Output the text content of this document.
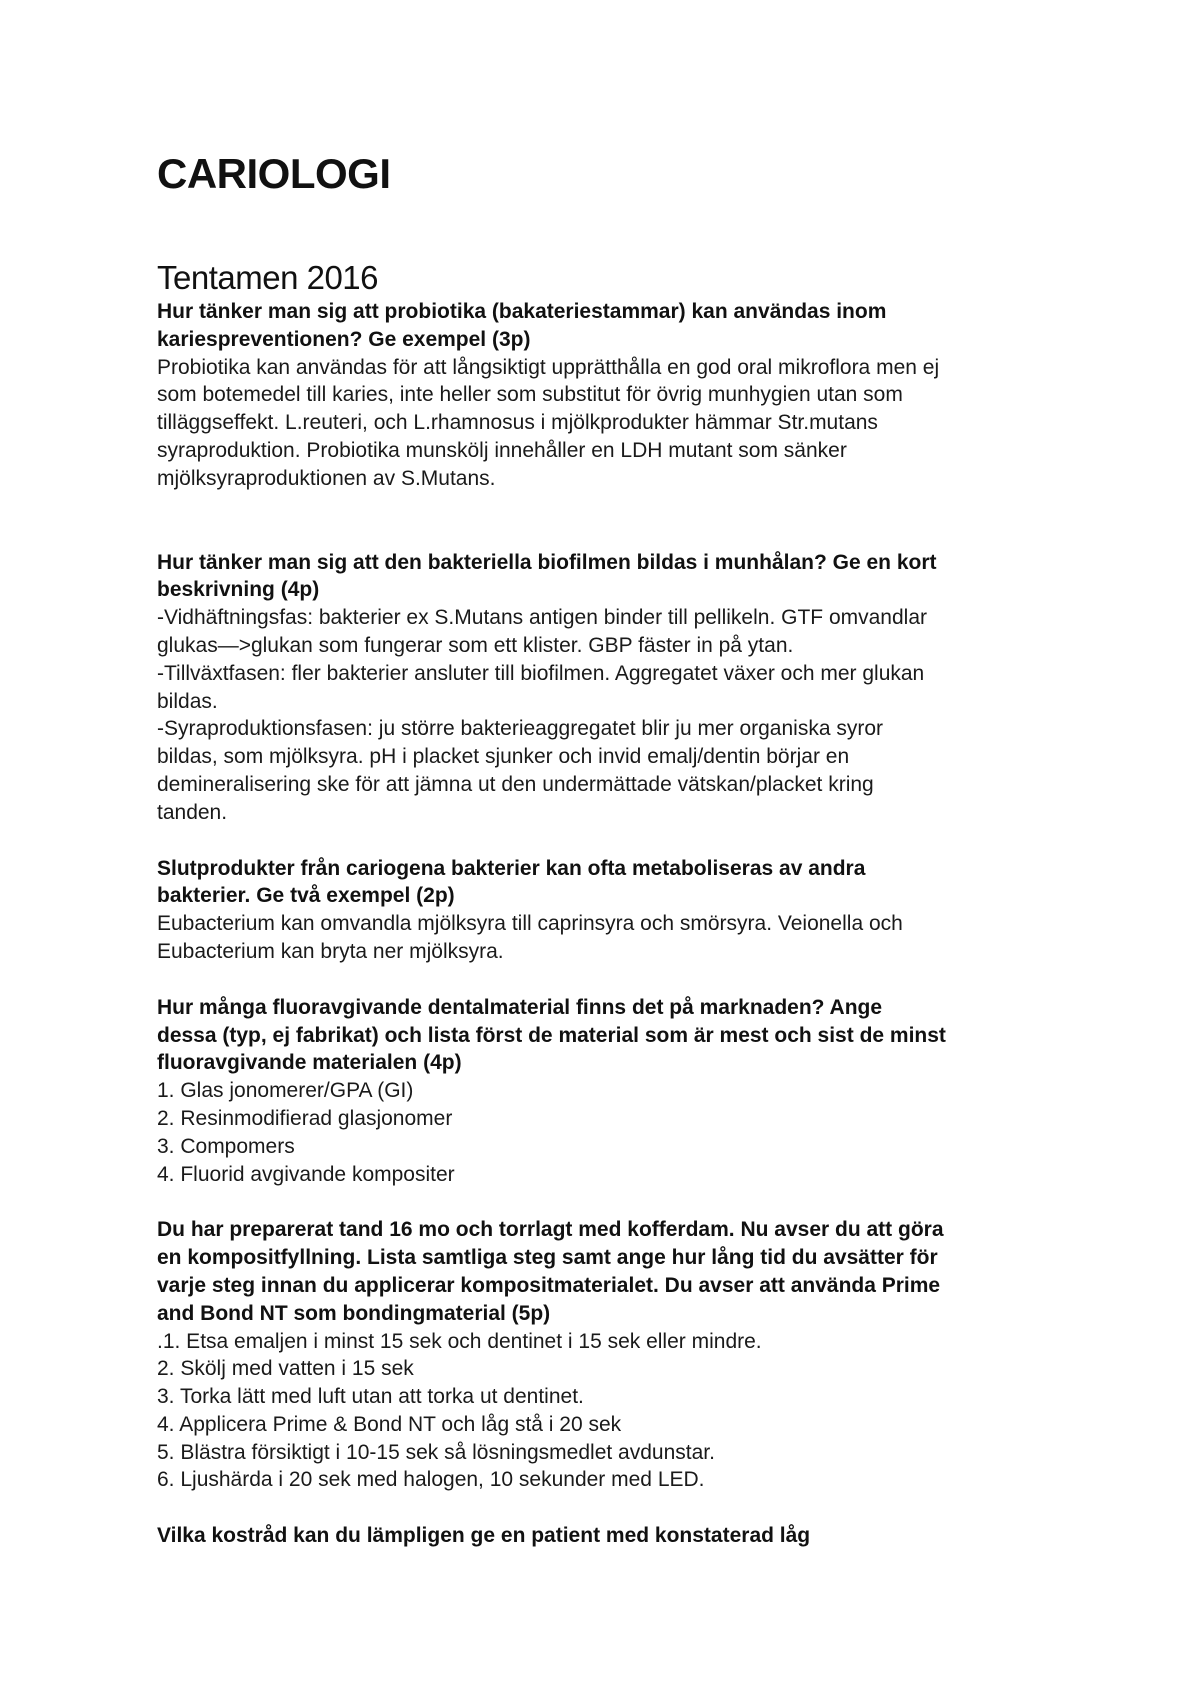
CARIOLOGI
Tentamen 2016

Hur tänker man sig att probiotika (bakateriestammar) kan användas inom
kariespreventionen? Ge exempel (3p)

Probiotika kan användas för att långsiktigt upprätthålla en god oral mikroflora men ej
som botemedel till karies, inte heller som substitut för övrig munhygien utan som
tilläggseffekt. L.reuteri, och L.rhamnosus i mjölkprodukter hämmar Str.mutans
syraproduktion. Probiotika munskölj innehåller en LDH mutant som sänker
mjölksyraproduktionen av S.Mutans.

Hur tänker man sig att den bakteriella biofilmen bildas i munhålan? Ge en kort
beskrivning (4p)

-Vidhäftningsfas: bakterier ex S.Mutans antigen binder till pellikeln. GTF omvandlar
glukas—>glukan som fungerar som ett klister. GBP fäster in på ytan.
-Tillväxtfasen: fler bakterier ansluter till biofilmen. Aggregatet växer och mer glukan
bildas.
-Syraproduktionsfasen: ju större bakterieaggregatet blir ju mer organiska syror
bildas, som mjölksyra. pH i placket sjunker och invid emalj/dentin börjar en
demineralisering ske för att jämna ut den undermättade vätskan/placket kring
tanden.

Slutprodukter från cariogena bakterier kan ofta metaboliseras av andra
bakterier. Ge två exempel (2p)

Eubacterium kan omvandla mjölksyra till caprinsyra och smörsyra. Veionella och
Eubacterium kan bryta ner mjölksyra.

Hur många fluoravgivande dentalmaterial finns det på marknaden? Ange
dessa (typ, ej fabrikat) och lista först de material som är mest och sist de minst
fluoravgivande materialen (4p)

1. Glas jonomerer/GPA (GI)
2. Resinmodifierad glasjonomer
3. Compomers
4. Fluorid avgivande kompositer

Du har preparerat tand 16 mo och torrlagt med kofferdam. Nu avser du att göra
en kompositfyllning. Lista samtliga steg samt ange hur lång tid du avsätter för
varje steg innan du applicerar kompositmaterialet. Du avser att använda Prime
and Bond NT som bondingmaterial (5p)

.1. Etsa emaljen i minst 15 sek och dentinet i 15 sek eller mindre.
2. Skölj med vatten i 15 sek
3. Torka lätt med luft utan att torka ut dentinet.
4. Applicera Prime & Bond NT och låg stå i 20 sek
5. Blästra försiktigt i 10-15 sek så lösningsmedlet avdunstar.
6. Ljushärda i 20 sek med halogen, 10 sekunder med LED.

Vilka kostråd kan du lämpligen ge en patient med konstaterad låg
